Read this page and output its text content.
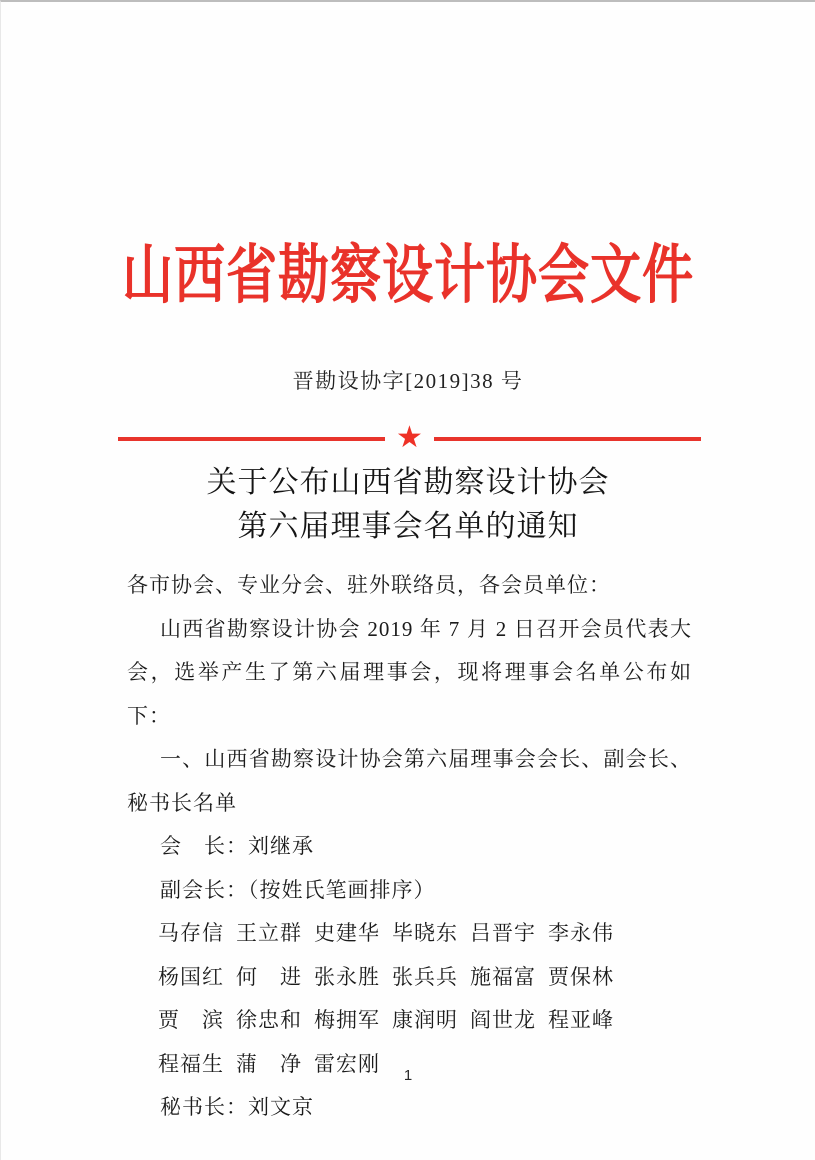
山西省勘察设计协会文件
晋勘设协字[2019]38 号
★
关于公布山西省勘察设计协会
第六届理事会名单的通知

各市协会、专业分会、驻外联络员，各会员单位：

山西省勘察设计协会 2019 年 7 月 2 日召开会员代表大会，选举产生了第六届理事会，现将理事会名单公布如下：

一、山西省勘察设计协会第六届理事会会长、副会长、秘书长名单

会　长：刘继承

副会长：（按姓氏笔画排序）

马存信 王立群 史建华 毕晓东 吕晋宇 李永伟
杨国红 何　进 张永胜 张兵兵 施福富 贾保林
贾　滨 徐忠和 梅拥军 康润明 阎世龙 程亚峰
程福生 蒲　净 雷宏刚

秘书长：刘文京

1
